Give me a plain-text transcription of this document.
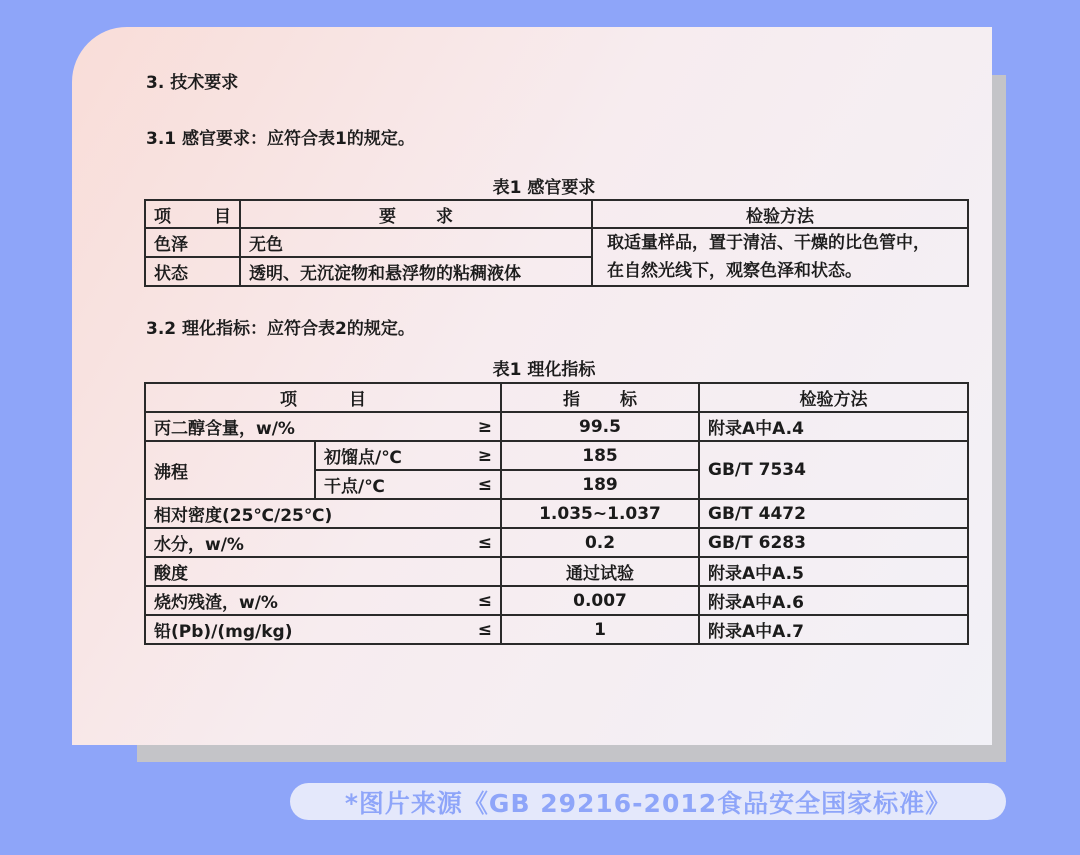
3. 技术要求
3.1 感官要求：应符合表1的规定。
表1 感官要求
项 目	要 求	检验方法
色泽	无色	取适量样品，置于清洁、干燥的比色管中，
在自然光线下，观察色泽和状态。

状态	透明、无沉淀物和悬浮物的粘稠液体	
3.2 理化指标：应符合表2的规定。
表1 理化指标
项 目		指 标	检验方法

丙二醇含量，w/% ≥		99.5	附录A中A.4
沸程	初馏点/℃ ≥	185	GB/T 7534

	干点/℃ ≤	189	

相对密度(25℃/25℃)		1.035~1.037	GB/T 4472

水分，w/% ≤		0.2	GB/T 6283

酸度		通过试验	附录A中A.5

烧灼残渣，w/% ≤		0.007	附录A中A.6

铅(Pb)/(mg/kg) ≤		1	附录A中A.7
*图片来源《GB 29216-2012食品安全国家标准》
